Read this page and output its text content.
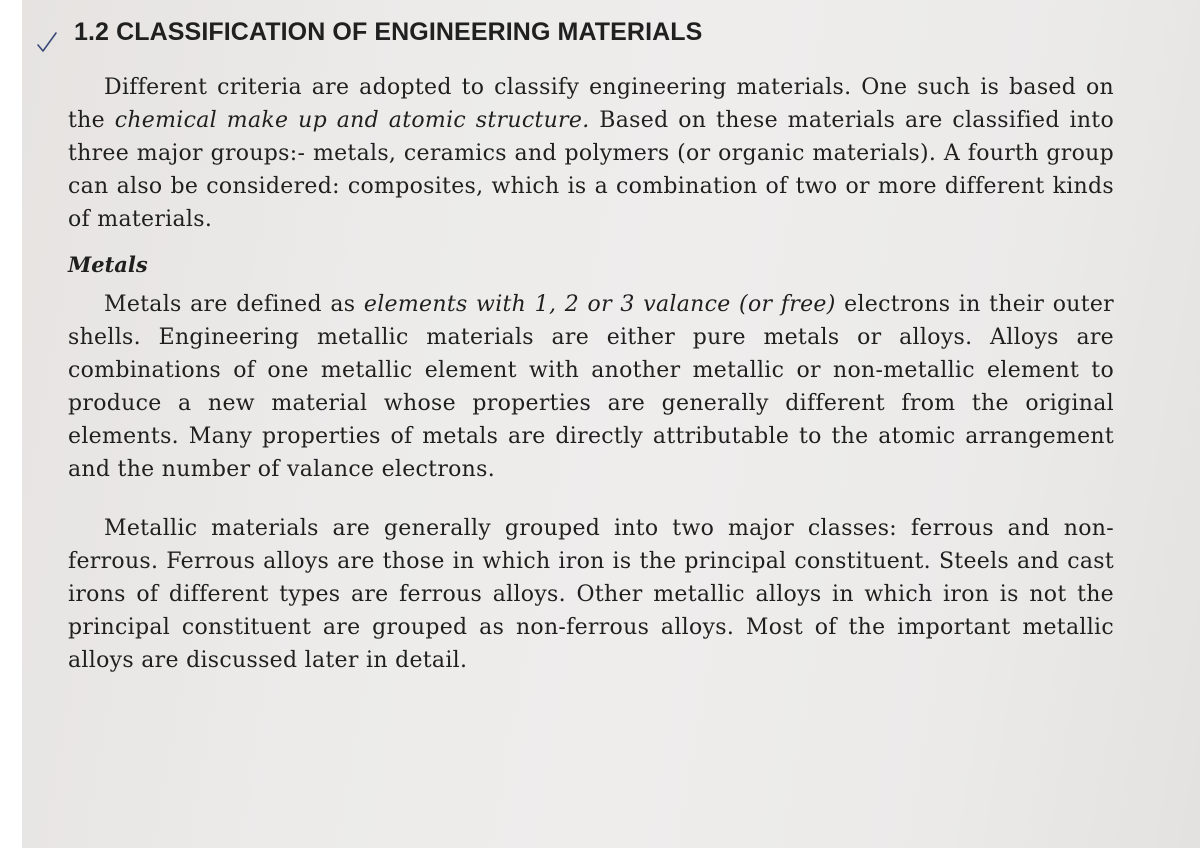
1.2 CLASSIFICATION OF ENGINEERING MATERIALS

Different criteria are adopted to classify engineering materials. One such is based on the chemical make up and atomic structure. Based on these materials are classified into three major groups:- metals, ceramics and polymers (or organic materials). A fourth group can also be considered: composites, which is a combination of two or more different kinds of materials.

Metals

Metals are defined as elements with 1, 2 or 3 valance (or free) electrons in their outer shells. Engineering metallic materials are either pure metals or alloys. Alloys are combinations of one metallic element with another metallic or non-metallic element to produce a new material whose properties are generally different from the original elements. Many properties of metals are directly attributable to the atomic arrangement and the number of valance electrons.

Metallic materials are generally grouped into two major classes: ferrous and non-ferrous. Ferrous alloys are those in which iron is the principal constituent. Steels and cast irons of different types are ferrous alloys. Other metallic alloys in which iron is not the principal constituent are grouped as non-ferrous alloys. Most of the important metallic alloys are discussed later in detail.
